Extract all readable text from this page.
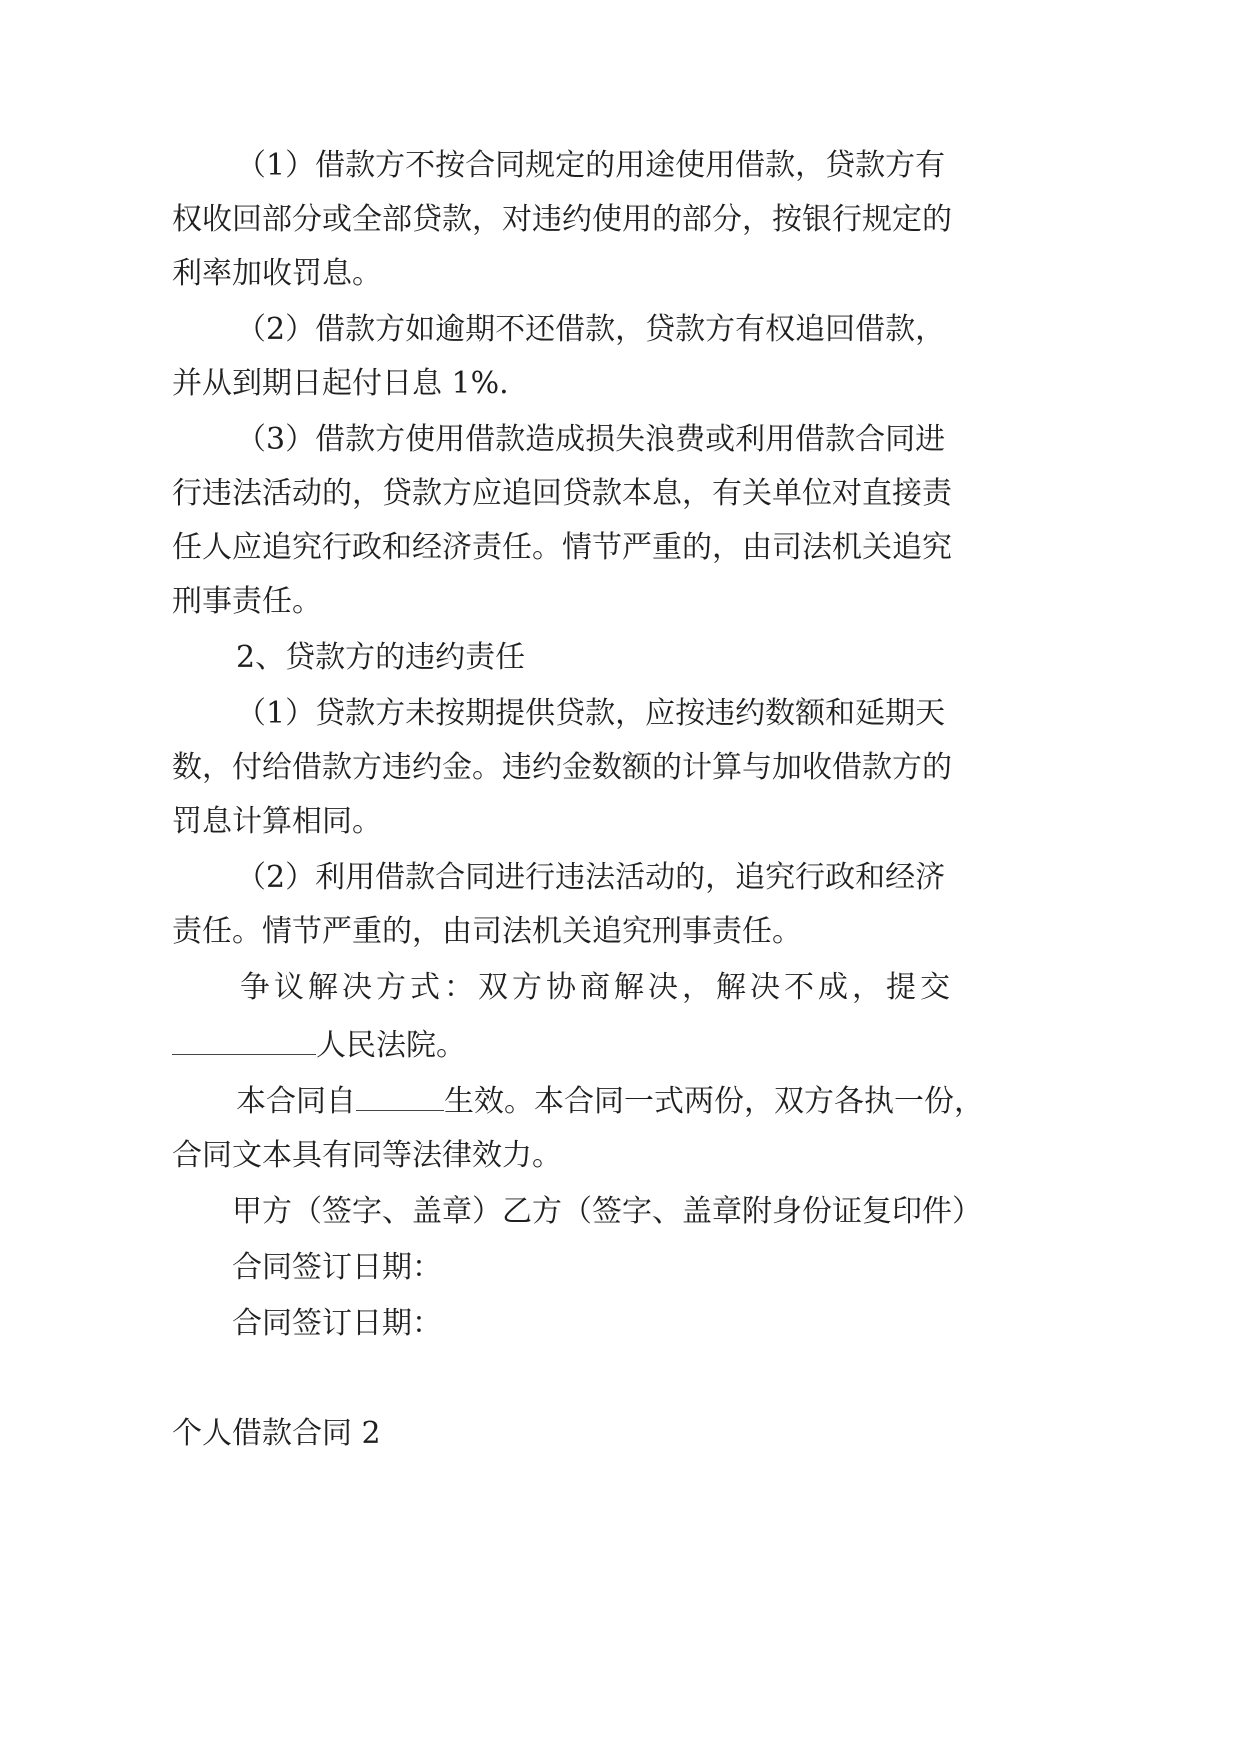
（1）借款方不按合同规定的用途使用借款，贷款方有
权收回部分或全部贷款，对违约使用的部分，按银行规定的
利率加收罚息。
（2）借款方如逾期不还借款，贷款方有权追回借款，
并从到期日起付日息 1%.
（3）借款方使用借款造成损失浪费或利用借款合同进
行违法活动的，贷款方应追回贷款本息，有关单位对直接责
任人应追究行政和经济责任。情节严重的，由司法机关追究
刑事责任。
2、贷款方的违约责任
（1）贷款方未按期提供贷款，应按违约数额和延期天
数，付给借款方违约金。违约金数额的计算与加收借款方的
罚息计算相同。
（2）利用借款合同进行违法活动的，追究行政和经济
责任。情节严重的，由司法机关追究刑事责任。
争议解决方式：双方协商解决，解决不成，提交
人民法院。
本合同自	生效。本合同一式两份，双方各执一份，
合同文本具有同等法律效力。
甲方（签字、盖章）乙方（签字、盖章附身份证复印件）
合同签订日期：
合同签订日期：
个人借款合同 2
